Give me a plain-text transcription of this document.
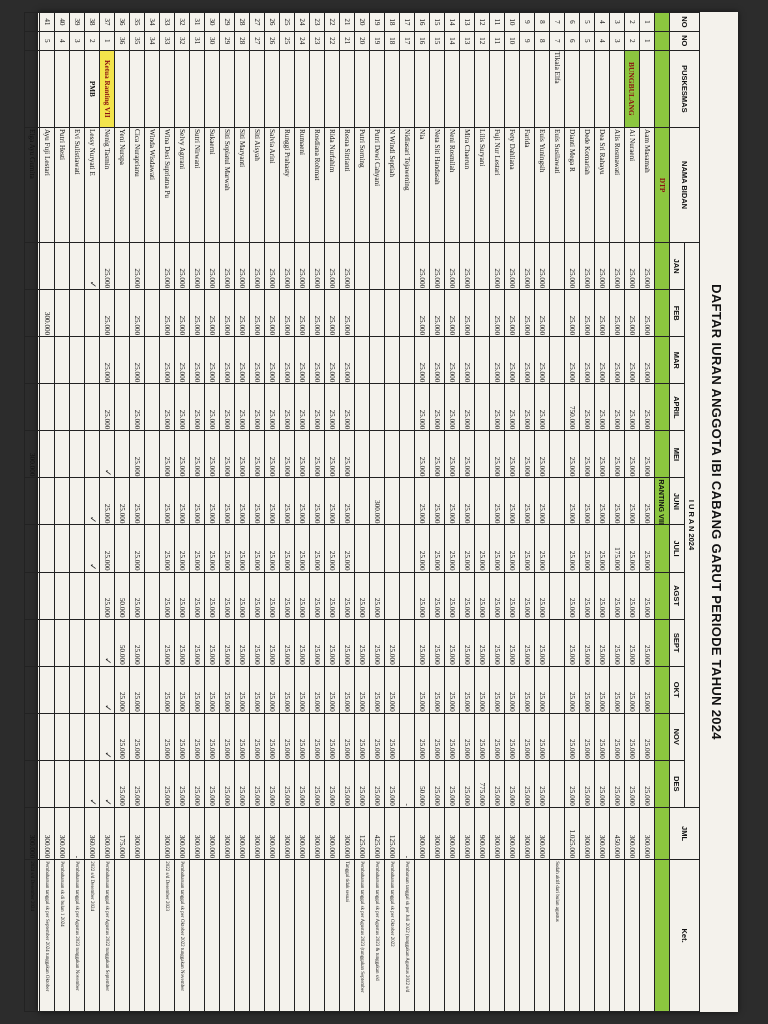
DAFTAR IURAN ANGGOTA IBI CABANG GARUT PERIODE TAHUN 2024
NO	NO	PUSKESMAS	NAMA BIDAN	I U R A N 2024												JML	Ket.
				JAN	FEB	MAR	APRIL	MEI	JUNI	JULI	AGST	SEPT	OKT	NOV	DES		
			DTP						RANTING VIII								
1	1		Aam Masamah	25.000	25.000	25.000	25.000	25.000	25.000	25.000	25.000	25.000	25.000	25.000	25.000	300.000	
2	2	BUNGBULANG	Ai Nuraeni	25.000	25.000	25.000	25.000	25.000	25.000	25.000	25.000	25.000	25.000	25.000	25.000	300.000	
3	3		Alis Rosmawati	25.000	25.000	25.000	25.000	25.000	25.000	175.000	25.000	25.000	25.000	25.000	25.000	450.000	
4	4		Dea Sri Rahayu	25.000	25.000	25.000	25.000	25.000	25.000	25.000	25.000	25.000	25.000	25.000	25.000	300.000	
5	5		Dede Komariah	25.000	25.000	25.000	25.000	25.000	25.000	25.000	25.000	25.000	25.000	25.000	25.000	300.000	
6	6		Dianti Mega R	25.000	25.000	25.000	750.000	25.000	25.000	25.000	25.000	25.000	25.000	25.000	25.000	1.025.000	
7	7	Tikala Elfa	Euis Susilawati														Sudah aktif dari bulan agustus
8	8		Euis Yuningsih	25.000	25.000	25.000	25.000	25.000	25.000	25.000	25.000	25.000	25.000	25.000	25.000	300.000	
9	9		Farida	25.000	25.000	25.000	25.000	25.000	25.000	25.000	25.000	25.000	25.000	25.000	25.000	300.000	
10	10		Fety Dahliana	25.000	25.000	25.000	25.000	25.000	25.000	25.000	25.000	25.000	25.000	25.000	25.000	300.000	
11	11		Fuji Nur Lestari	25.000	25.000	25.000	25.000	25.000	25.000	25.000	25.000	25.000	25.000	25.000	25.000	300.000	
12	12		Lilis Suryani							25.000	25.000	25.000	25.000	25.000	775.000	900.000	
13	13		Mira Chaerun	25.000	25.000	25.000	25.000	25.000	25.000	25.000	25.000	25.000	25.000	25.000	25.000	300.000	
14	14		Neni Rosmilah	25.000	25.000	25.000	25.000	25.000	25.000	25.000	25.000	25.000	25.000	25.000	25.000	300.000	
15	15		Neta Siti Handasah	25.000	25.000	25.000	25.000	25.000	25.000	25.000	25.000	25.000	25.000	25.000	25.000	300.000	
16	16		Nia	25.000	25.000	25.000	25.000	25.000	25.000	25.000	25.000	25.000	25.000	25.000	50.000	300.000	
17	17		Nidiasari Tejawening												-	-	Pembaruan tanggal sk per Juli 2022 (tunggakan Agustus 2022 s/d
18	18		N Windi Septiah									25.000	25.000	25.000	25.000	125.000	Pembaharuan tanggal sk per Oktober 2022
19	19		Putri Dewi Cahyani						300.000		25.000	25.000	25.000	25.000	25.000	425.000	Pembaharuan tanggal sk per Agustus 2023 & tunggakan s/d
20	20		Putri Sorning								25.000	25.000	25.000	25.000	25.000	125.000	Pembaharuan tanggal sk per Agustus 2023 (tunggakan September
21	21		Resna Sitrianti	25.000	25.000	25.000	25.000	25.000	25.000	25.000	25.000	25.000	25.000	25.000	25.000	300.000	Tanggal tidak sesuai
22	22		Rida Nurfahim	25.000	25.000	25.000	25.000	25.000	25.000	25.000	25.000	25.000	25.000	25.000	25.000	300.000	
23	23		Rosdiana Rohmat	25.000	25.000	25.000	25.000	25.000	25.000	25.000	25.000	25.000	25.000	25.000	25.000	300.000	
24	24		Rumaeni	25.000	25.000	25.000	25.000	25.000	25.000	25.000	25.000	25.000	25.000	25.000	25.000	300.000	
25	25		Runggi Prahasty	25.000	25.000	25.000	25.000	25.000	25.000	25.000	25.000	25.000	25.000	25.000	25.000	300.000	
26	26		Salvia Arini	25.000	25.000	25.000	25.000	25.000	25.000	25.000	25.000	25.000	25.000	25.000	25.000	300.000	
27	27		Siti Aisyah	25.000	25.000	25.000	25.000	25.000	25.000	25.000	25.000	25.000	25.000	25.000	25.000	300.000	
28	28		Siti Maryanti	25.000	25.000	25.000	25.000	25.000	25.000	25.000	25.000	25.000	25.000	25.000	25.000	300.000	
29	29		Siti Sopiatul Marwah	25.000	25.000	25.000	25.000	25.000	25.000	25.000	25.000	25.000	25.000	25.000	25.000	300.000	
30	30		Sukaerni	25.000	25.000	25.000	25.000	25.000	25.000	25.000	25.000	25.000	25.000	25.000	25.000	300.000	
31	31		Sutri Nirwani	25.000	25.000	25.000	25.000	25.000	25.000	25.000	25.000	25.000	25.000	25.000	25.000	300.000	
32	32		Selvy Agrrani	25.000	25.000	25.000	25.000	25.000	25.000	25.000	25.000	25.000	25.000	25.000	25.000	300.000	Pembaharuan tanggal sk per Oktober 2022 tunggakan November
33	33		Wina Desi Supriatna Pu	25.000	25.000	25.000	25.000	25.000	25.000	25.000	25.000	25.000	25.000	25.000	25.000	300.000	2022 s/d Desember 2023
34	34		Winda Wisdawati														
35	35		Cica Nuraprianu	25.000	25.000	25.000	25.000	25.000	25.000	25.000	25.000	25.000	25.000	25.000	25.000	300.000	
36	36		Yeni Nurspa						25.000		50.000	50.000	25.000	25.000	25.000	175.000	
37	1	Ketua Ranting VII	Nenig Tasmin	25.000	25.000	25.000	25.000	✓	25.000	25.000	25.000	✓	✓	✓	✓	300.000	Pembaharuan tanggal sk per Agustus 2022 tunggakan September
38	2	PMB	Lessy Nuryati E	✓					✓	✓					✓	360.000	2022 s/d Desember 2024
39	3		Evi Sulistiawati													-	Pembaharuan tanggal sk per Agustus 2023 tunggakan November
40	4		Putri Hesti													300.000	Pembaharuan sk di bulan 1 2024
41	5		Ayu Fuji Lestari		300.000											300.000	Pembaharuan tanggal sk per September 2024 tunggakan Oktober
			Elga Ayu Gumita					300.000								300.000	2024 s/d Desember 2024
